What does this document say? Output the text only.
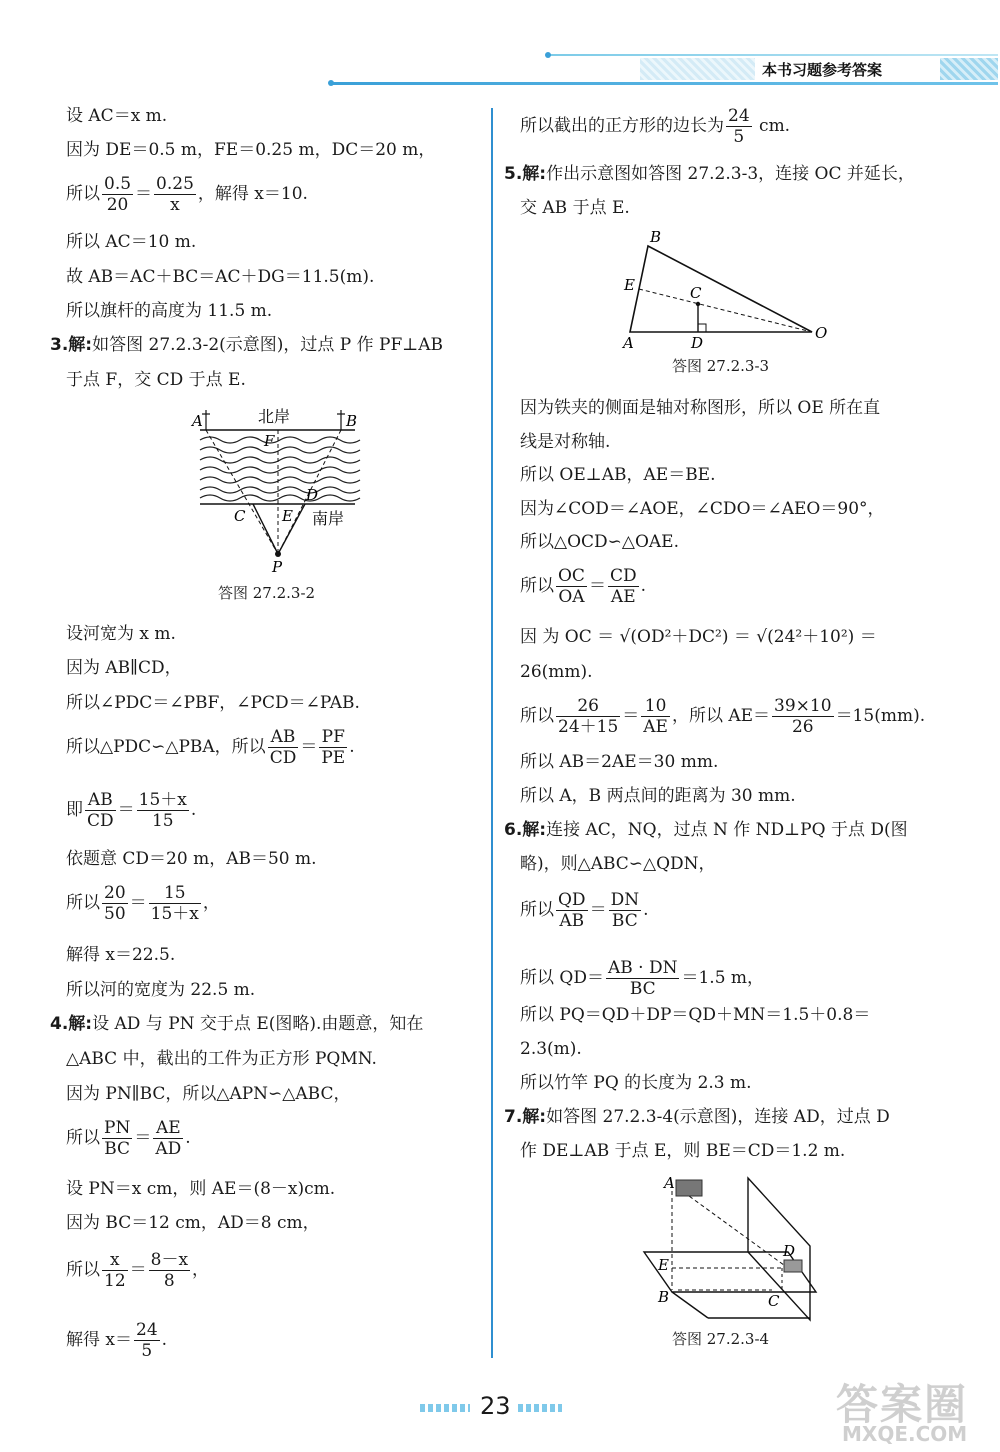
本书习题参考答案
设 AC＝x m.
因为 DE＝0.5 m，FE＝0.25 m，DC＝20 m，
所以 $\frac{0.5}{20} = \frac{0.25}{x}$ ，解得 x＝10.
所以 AC＝10 m.
故 AB＝AC＋BC＝AC＋DG＝11.5(m).
所以旗杆的高度为 11.5 m.
3.解:如答图 27.2.3-2(示意图)，过点 P 作 PF⊥AB
于点 F，交 CD 于点 E.
A	B
北岸
F
C E
D
南岸
P
答图 27.2.3-2
设河宽为 x m.
因为 AB∥CD，
所以∠PDC＝∠PBF，∠PCD＝∠PAB.
所以△PDC∽△PBA，所以 $\frac{AB}{CD} = \frac{PF}{PE}$ .
即 $\frac{AB}{CD} = \frac{15+x}{15}$ .
依题意 CD＝20 m，AB＝50 m.
所以 $\frac{20}{50} = \frac{15}{15+x}$ ，
解得 x＝22.5.
所以河的宽度为 22.5 m.
4.解:设 AD 与 PN 交于点 E(图略).由题意，知在
△ABC 中，截出的工件为正方形 PQMN.
因为 PN∥BC，所以△APN∽△ABC，
所以 $\frac{PN}{BC} = \frac{AE}{AD}$ .
设 PN＝x cm，则 AE＝(8－x)cm.
因为 BC＝12 cm，AD＝8 cm，
所以 $\frac{x}{12} = \frac{8-x}{8}$ ，
解得 $x= \frac{24}{5}$ .
所以截出的正方形的边长为 $\frac{24}{5}$ cm.
5.解:作出示意图如答图 27.2.3-3，连接 OC 并延长，
交 AB 于点 E.
B
E	C
A	D
O
答图 27.2.3-3
因为铁夹的侧面是轴对称图形，所以 OE 所在直
线是对称轴.
所以 OE⊥AB，AE＝BE.
因为∠COD＝∠AOE，∠CDO＝∠AEO＝90°，
所以△OCD∽△OAE.
所以 $\frac{OC}{OA} = \frac{CD}{AE}$ .
因 为 OC ＝ √(OD²＋DC²) ＝ √(24²＋10²) ＝
26(mm).
所以 $\frac{26}{24+15} = \frac{10}{AE}$ ，所以 $AE= \frac{39\times 10}{26} =15(mm)$.
所以 AB＝2AE＝30 mm.
所以 A，B 两点间的距离为 30 mm.
6.解:连接 AC，NQ，过点 N 作 ND⊥PQ 于点 D(图
略)，则△ABC∽△QDN，
所以 $\frac{QD}{AB} = \frac{DN}{BC}$ .
所以 $QD= \frac{AB \cdot DN}{BC} =1.5$ m，
所以 PQ＝QD＋DP＝QD＋MN＝1.5＋0.8＝
2.3(m).
所以竹竿 PQ 的长度为 2.3 m.
7.解:如答图 27.2.3-4(示意图)，连接 AD，过点 D
作 DE⊥AB 于点 E，则 BE＝CD＝1.2 m.
A
E
B
D
C
答图 27.2.3-4
23	答案圈
MXQE.COM
